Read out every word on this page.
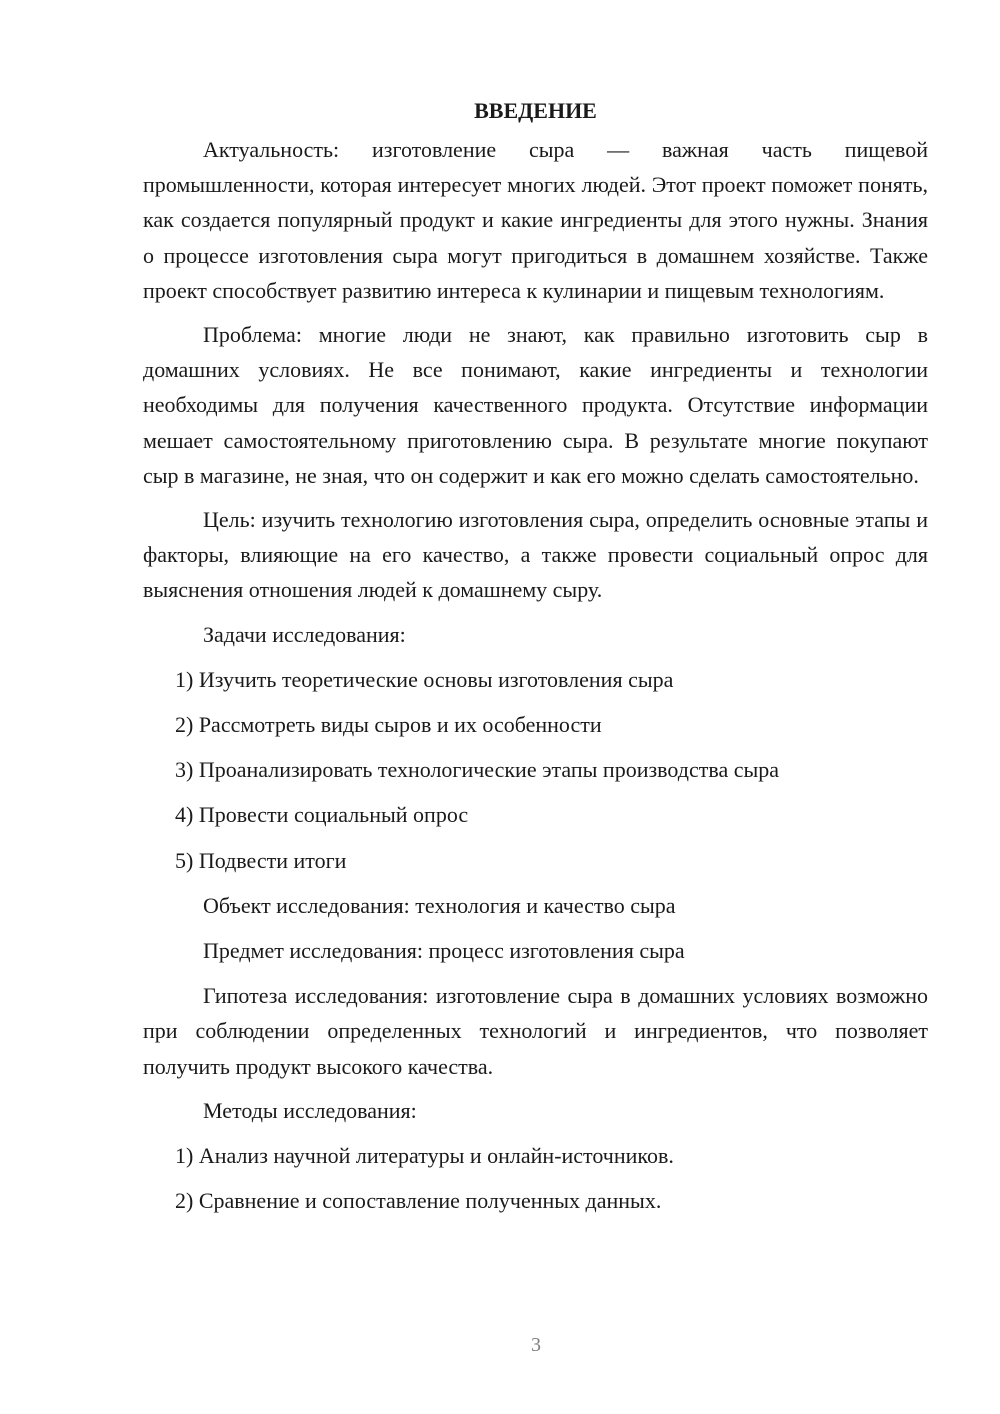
ВВЕДЕНИЕ

Актуальность: изготовление сыра — важная часть пищевой промышленности, которая интересует многих людей. Этот проект поможет понять, как создается популярный продукт и какие ингредиенты для этого нужны. Знания о процессе изготовления сыра могут пригодиться в домашнем хозяйстве. Также проект способствует развитию интереса к кулинарии и пищевым технологиям.

Проблема: многие люди не знают, как правильно изготовить сыр в домашних условиях. Не все понимают, какие ингредиенты и технологии необходимы для получения качественного продукта. Отсутствие информации мешает самостоятельному приготовлению сыра. В результате многие покупают сыр в магазине, не зная, что он содержит и как его можно сделать самостоятельно.

Цель: изучить технологию изготовления сыра, определить основные этапы и факторы, влияющие на его качество, а также провести социальный опрос для выяснения отношения людей к домашнему сыру.

Задачи исследования:

1) Изучить теоретические основы изготовления сыра

2) Рассмотреть виды сыров и их особенности

3) Проанализировать технологические этапы производства сыра

4) Провести социальный опрос

5) Подвести итоги

Объект исследования: технология и качество сыра

Предмет исследования: процесс изготовления сыра

Гипотеза исследования: изготовление сыра в домашних условиях возможно при соблюдении определенных технологий и ингредиентов, что позволяет получить продукт высокого качества.

Методы исследования:

1) Анализ научной литературы и онлайн-источников.

2) Сравнение и сопоставление полученных данных.

3
